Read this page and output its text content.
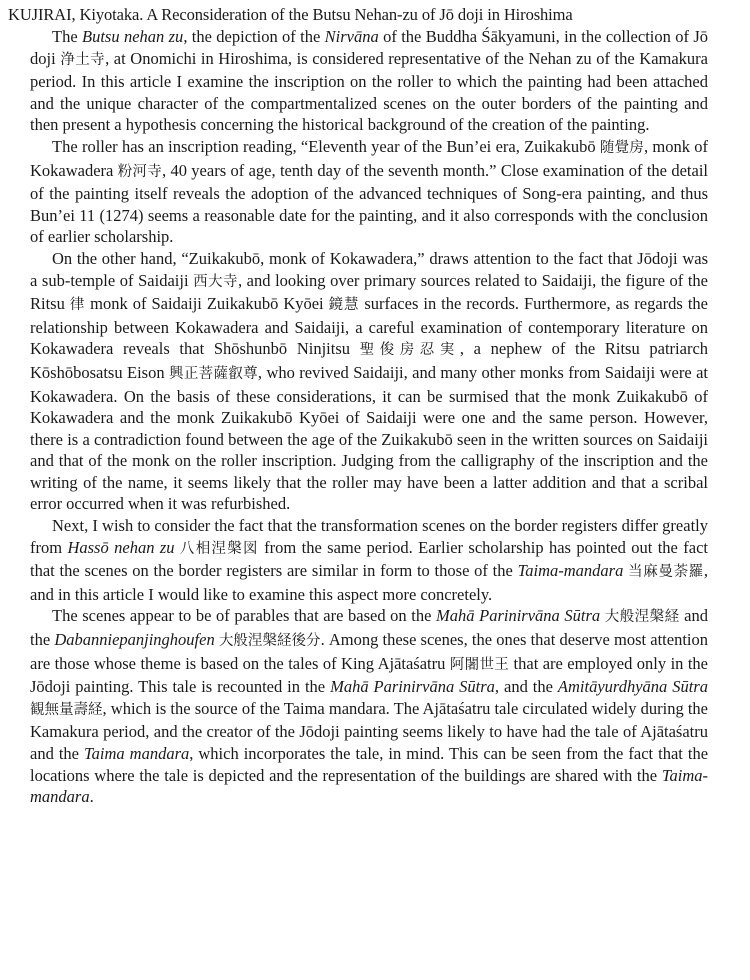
KUJIRAI, Kiyotaka. A Reconsideration of the Butsu Nehan-zu of Jō doji in Hiroshima

The Butsu nehan zu, the depiction of the Nirvāna of the Buddha Śākyamuni, in the collection of Jō doji 浄土寺, at Onomichi in Hiroshima, is considered representative of the Nehan zu of the Kamakura period. In this article I examine the inscription on the roller to which the painting had been attached and the unique character of the compartmentalized scenes on the outer borders of the painting and then present a hypothesis concerning the historical background of the creation of the painting.

The roller has an inscription reading, “Eleventh year of the Bun’ei era, Zuikakubō 随覺房, monk of Kokawadera 粉河寺, 40 years of age, tenth day of the seventh month.” Close examination of the detail of the painting itself reveals the adoption of the advanced techniques of Song-era painting, and thus Bun’ei 11 (1274) seems a reasonable date for the painting, and it also corresponds with the conclusion of earlier scholarship.

On the other hand, “Zuikakubō, monk of Kokawadera,” draws attention to the fact that Jōdoji was a sub-temple of Saidaiji 西大寺, and looking over primary sources related to Saidaiji, the figure of the Ritsu 律 monk of Saidaiji Zuikakubō Kyōei 鏡慧 surfaces in the records. Furthermore, as regards the relationship between Kokawadera and Saidaiji, a careful examination of contemporary literature on Kokawadera reveals that Shōshunbō Ninjitsu 聖俊房忍実, a nephew of the Ritsu patriarch Kōshōbosatsu Eison 興正菩薩叡尊, who revived Saidaiji, and many other monks from Saidaiji were at Kokawadera. On the basis of these considerations, it can be surmised that the monk Zuikakubō of Kokawadera and the monk Zuikakubō Kyōei of Saidaiji were one and the same person. However, there is a contradiction found between the age of the Zuikakubō seen in the written sources on Saidaiji and that of the monk on the roller inscription. Judging from the calligraphy of the inscription and the writing of the name, it seems likely that the roller may have been a latter addition and that a scribal error occurred when it was refurbished.

Next, I wish to consider the fact that the transformation scenes on the border registers differ greatly from Hassō nehan zu 八相涅槃図 from the same period. Earlier scholarship has pointed out the fact that the scenes on the border registers are similar in form to those of the Taima-mandara 当麻曼荼羅, and in this article I would like to examine this aspect more concretely.

The scenes appear to be of parables that are based on the Mahā Parinirvāna Sūtra 大般涅槃経 and the Dabanniepanjinghoufen 大般涅槃経後分. Among these scenes, the ones that deserve most attention are those whose theme is based on the tales of King Ajātaśatru 阿闍世王 that are employed only in the Jōdoji painting. This tale is recounted in the Mahā Parinirvāna Sūtra, and the Amitāyurdhyāna Sūtra 観無量壽経, which is the source of the Taima mandara. The Ajātaśatru tale circulated widely during the Kamakura period, and the creator of the Jōdoji painting seems likely to have had the tale of Ajātaśatru and the Taima mandara, which incorporates the tale, in mind. This can be seen from the fact that the locations where the tale is depicted and the representation of the buildings are shared with the Taima-mandara.
